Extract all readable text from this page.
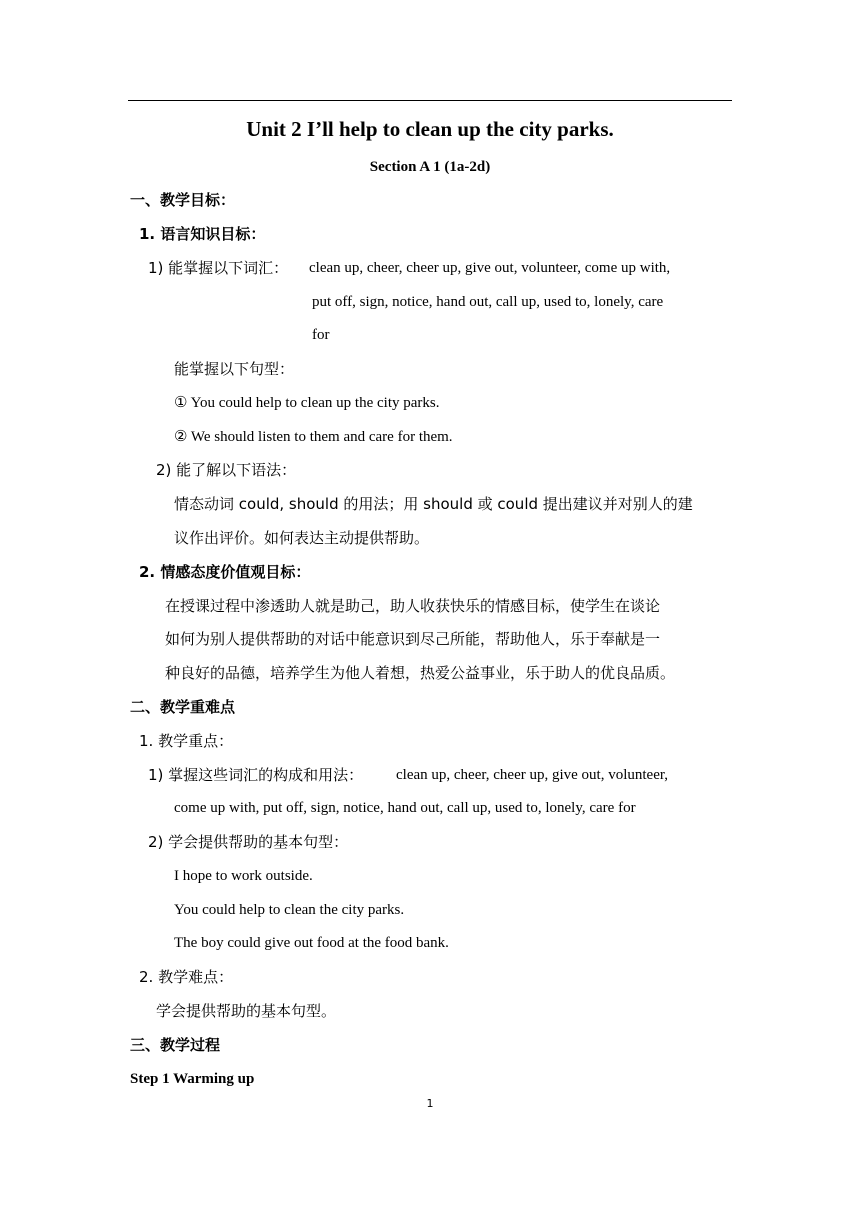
Unit 2 I’ll help to clean up the city parks.
Section A 1 (1a-2d)
一、教学目标：
1. 语言知识目标：
1) 能掌握以下词汇： clean up, cheer, cheer up, give out, volunteer, come up with,
put off, sign, notice, hand out, call up, used to, lonely, care
for
能掌握以下句型：
① You could help to clean up the city parks.
② We should listen to them and care for them.
2) 能了解以下语法：
情态动词 could, should 的用法；用 should 或 could 提出建议并对别人的建
议作出评价。如何表达主动提供帮助。
2. 情感态度价值观目标：
在授课过程中渗透助人就是助己，助人收获快乐的情感目标，使学生在谈论
如何为别人提供帮助的对话中能意识到尽己所能，帮助他人，乐于奉献是一
种良好的品德，培养学生为他人着想，热爱公益事业，乐于助人的优良品质。
二、教学重难点
1. 教学重点：
1) 掌握这些词汇的构成和用法： clean up, cheer, cheer up, give out, volunteer,
come up with, put off, sign, notice, hand out, call up, used to, lonely, care for
2) 学会提供帮助的基本句型：
I hope to work outside.
You could help to clean the city parks.
The boy could give out food at the food bank.
2. 教学难点：
学会提供帮助的基本句型。
三、教学过程
Step 1 Warming up
1
